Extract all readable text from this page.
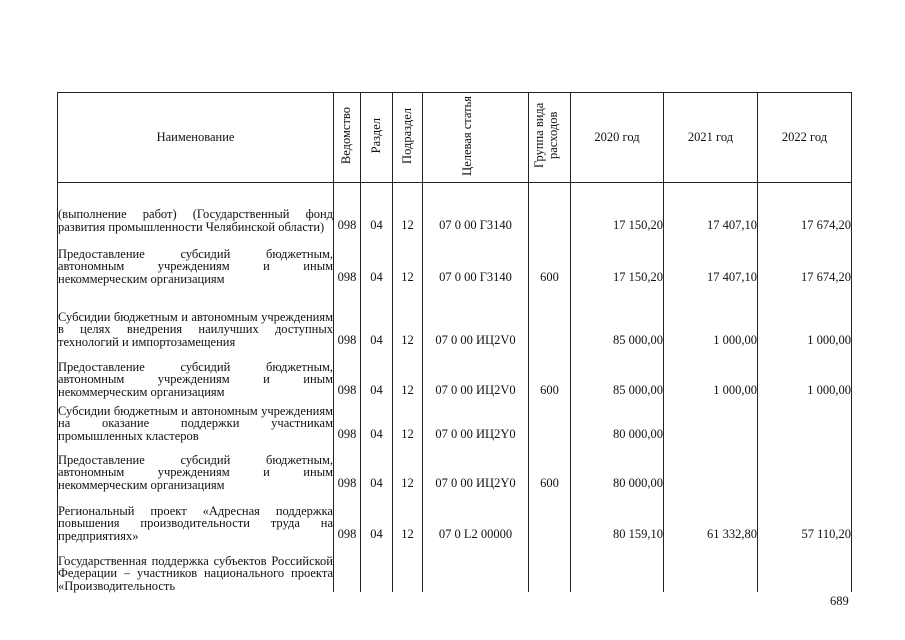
Наименование	Ведомство	Раздел	Подраздел	Целевая статья	Группа вида расходов	2020 год	2021 год	2022 год
(выполнение работ) (Государственный фонд развития промышленности Челябинской области)	098	04	12	07 0 00 Г3140		17 150,20	17 407,10	17 674,20
Предоставление субсидий бюджетным, автономным учреждениям и иным некоммерческим организациям	098	04	12	07 0 00 Г3140	600	17 150,20	17 407,10	17 674,20
Субсидии бюджетным и автономным учреждениям в целях внедрения наилучших доступных технологий и импортозамещения	098	04	12	07 0 00 ИЦ2V0		85 000,00	1 000,00	1 000,00
Предоставление субсидий бюджетным, автономным учреждениям и иным некоммерческим организациям	098	04	12	07 0 00 ИЦ2V0	600	85 000,00	1 000,00	1 000,00
Субсидии бюджетным и автономным учреждениям на оказание поддержки участникам промышленных кластеров	098	04	12	07 0 00 ИЦ2Y0		80 000,00		
Предоставление субсидий бюджетным, автономным учреждениям и иным некоммерческим организациям	098	04	12	07 0 00 ИЦ2Y0	600	80 000,00		
Региональный проект «Адресная поддержка повышения производительности труда на предприятиях»	098	04	12	07 0 L2 00000		80 159,10	61 332,80	57 110,20
Государственная поддержка субъектов Российской Федерации – участников национального проекта «Производительность								
689
